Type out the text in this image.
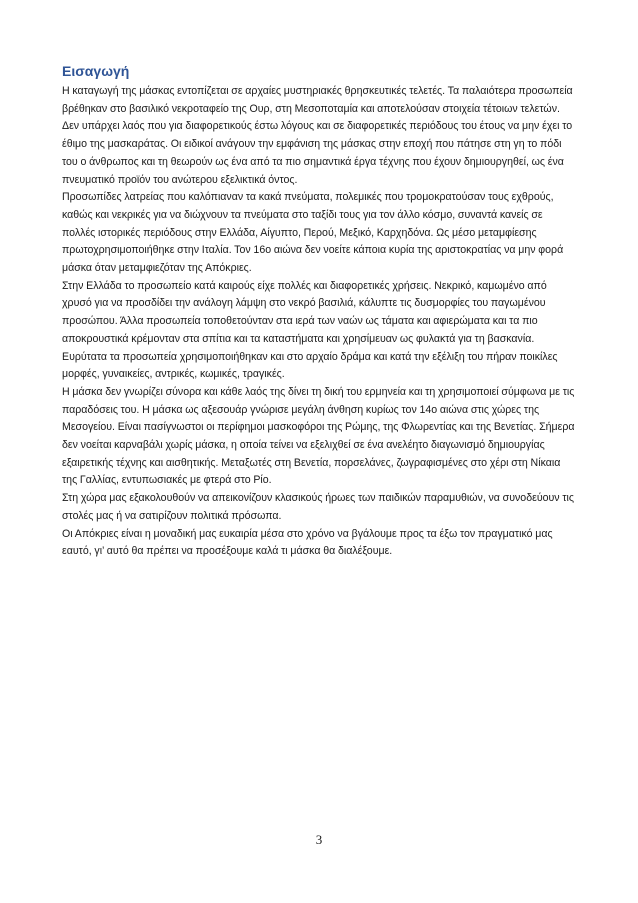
Εισαγωγή

Η καταγωγή της μάσκας εντοπίζεται σε αρχαίες μυστηριακές θρησκευτικές τελετές. Τα παλαιότερα προσωπεία βρέθηκαν στο βασιλικό νεκροταφείο της Ουρ, στη Μεσοποταμία και αποτελούσαν στοιχεία τέτοιων τελετών.

Δεν υπάρχει λαός που για διαφορετικούς έστω λόγους και σε διαφορετικές περιόδους του έτους να μην έχει το έθιμο της μασκαράτας. Οι ειδικοί ανάγουν την εμφάνιση της μάσκας στην εποχή που πάτησε στη γη το πόδι του ο άνθρωπος και τη θεωρούν ως ένα από τα πιο σημαντικά έργα τέχνης που έχουν δημιουργηθεί, ως ένα πνευματικό προϊόν του ανώτερου εξελικτικά όντος.

Προσωπίδες λατρείας που καλόπιαναν τα κακά πνεύματα, πολεμικές που τρομοκρατούσαν τους εχθρούς, καθώς και νεκρικές για να διώχνουν τα πνεύματα στο ταξίδι τους για τον άλλο κόσμο, συναντά κανείς σε πολλές ιστορικές περιόδους στην Ελλάδα, Αίγυπτο, Περού, Μεξικό, Καρχηδόνα. Ως μέσο μεταμφίεσης πρωτοχρησιμοποιήθηκε στην Ιταλία. Τον 16ο αιώνα δεν νοείτε κάποια κυρία της αριστοκρατίας να μην φορά μάσκα όταν μεταμφιεζόταν της Απόκριες.

Στην Ελλάδα το προσωπείο κατά καιρούς είχε πολλές και διαφορετικές χρήσεις. Νεκρικό, καμωμένο από χρυσό για να προσδίδει την ανάλογη λάμψη στο νεκρό βασιλιά, κάλυπτε τις δυσμορφίες του παγωμένου προσώπου. Άλλα προσωπεία τοποθετούνταν στα ιερά των ναών ως τάματα και αφιερώματα και τα πιο αποκρουστικά κρέμονταν στα σπίτια και τα καταστήματα και χρησίμευαν ως φυλακτά για τη βασκανία. Ευρύτατα τα προσωπεία χρησιμοποιήθηκαν και στο αρχαίο δράμα και κατά την εξέλιξη του πήραν ποικίλες μορφές, γυναικείες, αντρικές, κωμικές, τραγικές.

Η μάσκα δεν γνωρίζει σύνορα και κάθε λαός της δίνει τη δική του ερμηνεία και τη χρησιμοποιεί σύμφωνα με τις παραδόσεις του. Η μάσκα ως αξεσουάρ γνώρισε μεγάλη άνθηση κυρίως τον 14ο αιώνα στις χώρες της Μεσογείου. Είναι πασίγνωστοι οι περίφημοι μασκοφόροι της Ρώμης, της Φλωρεντίας και της Βενετίας. Σήμερα δεν νοείται καρναβάλι χωρίς μάσκα, η οποία τείνει να εξελιχθεί σε ένα ανελέητο διαγωνισμό δημιουργίας εξαιρετικής τέχνης και αισθητικής. Μεταξωτές στη Βενετία, πορσελάνες, ζωγραφισμένες στο χέρι στη Νίκαια της Γαλλίας, εντυπωσιακές με φτερά στο Ρίο.

Στη χώρα μας εξακολουθούν να απεικονίζουν κλασικούς ήρωες των παιδικών παραμυθιών, να συνοδεύουν τις στολές μας ή να σατιρίζουν πολιτικά πρόσωπα.

Οι Απόκριες είναι η μοναδική μας ευκαιρία μέσα στο χρόνο να βγάλουμε προς τα έξω τον πραγματικό μας εαυτό, γι’ αυτό θα πρέπει να προσέξουμε καλά τι μάσκα θα διαλέξουμε.

3
